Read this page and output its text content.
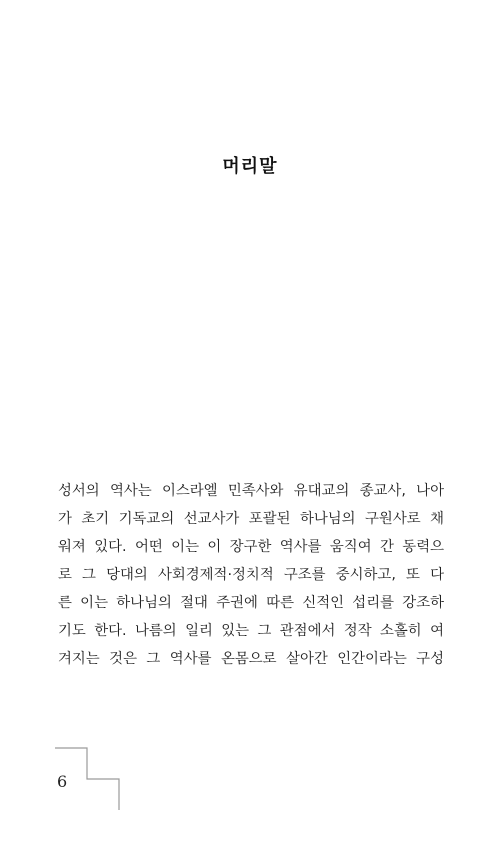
머리말
성서의 역사는 이스라엘 민족사와 유대교의 종교사, 나아
가 초기 기독교의 선교사가 포괄된 하나님의 구원사로 채
워져 있다. 어떤 이는 이 장구한 역사를 움직여 간 동력으
로 그 당대의 사회경제적·정치적 구조를 중시하고, 또 다
른 이는 하나님의 절대 주권에 따른 신적인 섭리를 강조하
기도 한다. 나름의 일리 있는 그 관점에서 정작 소홀히 여
겨지는 것은 그 역사를 온몸으로 살아간 인간이라는 구성
6
